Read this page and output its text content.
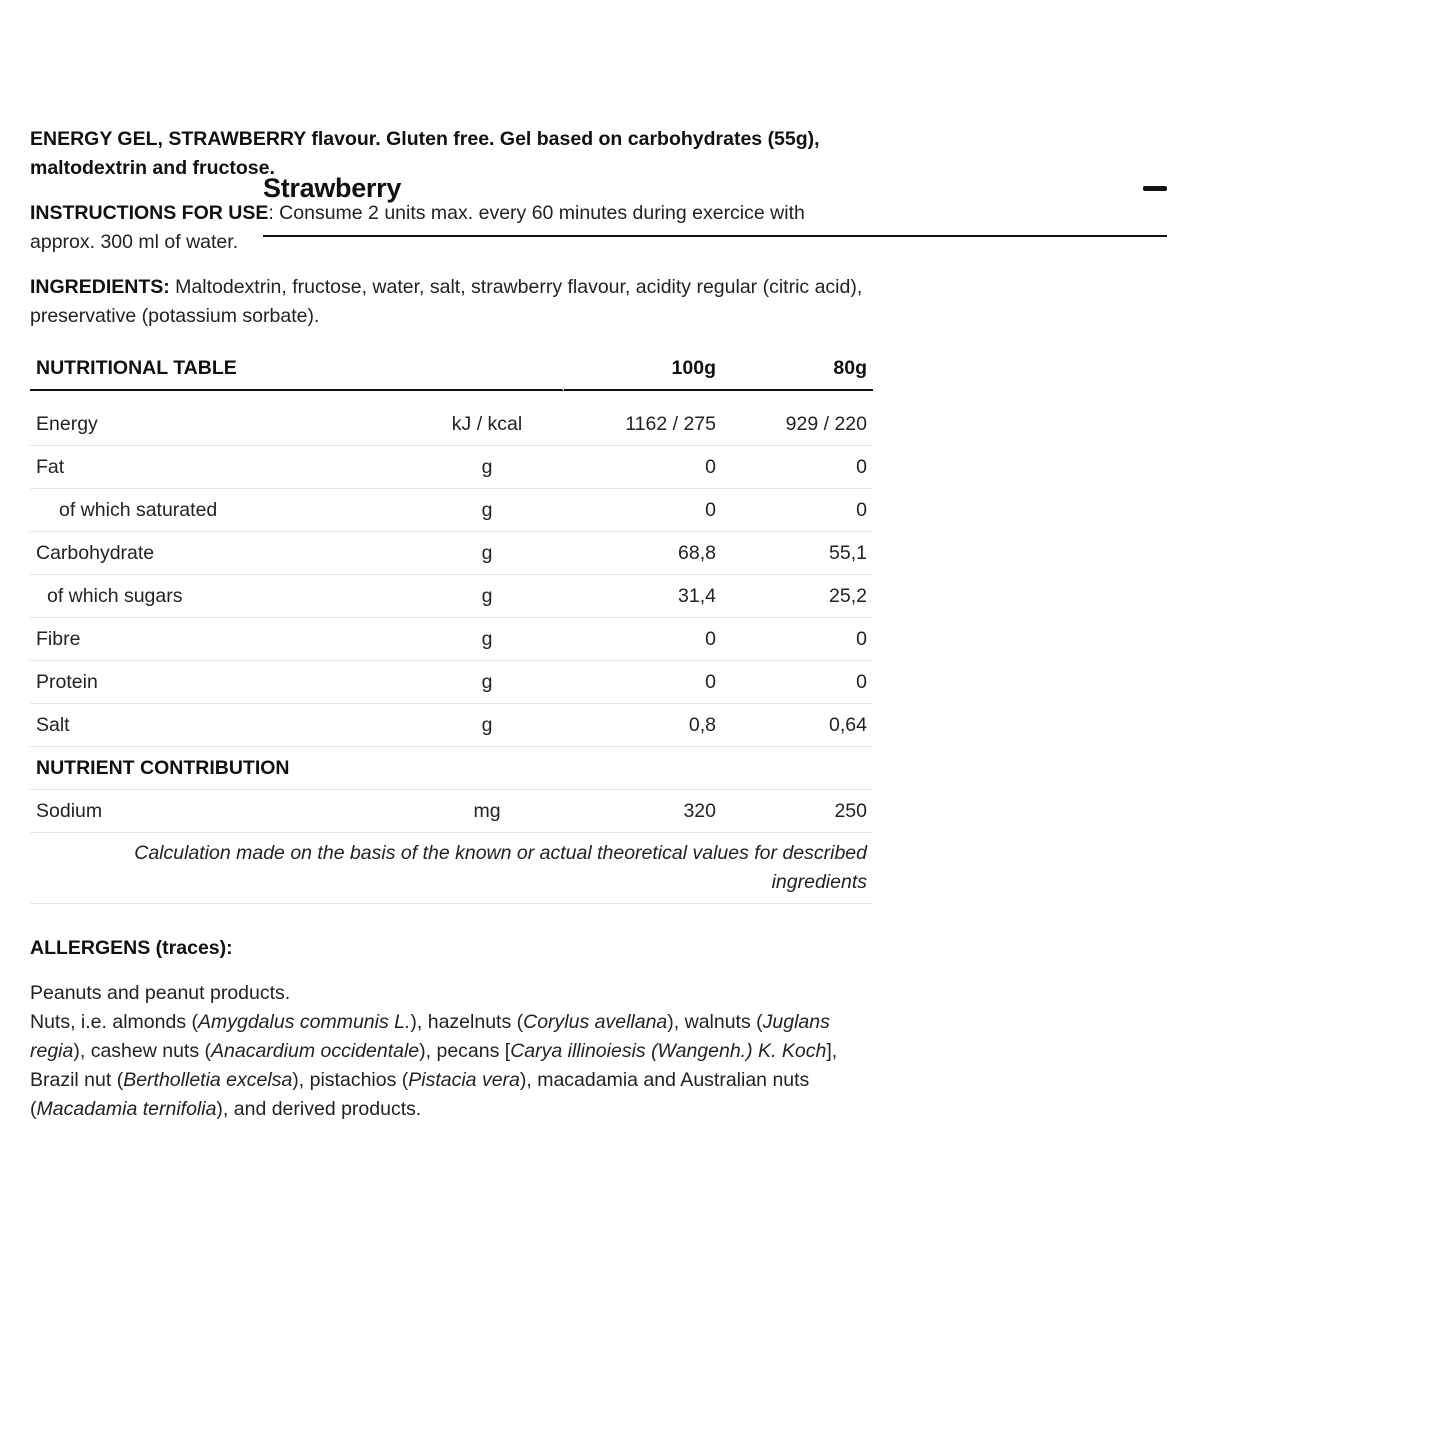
Strawberry

ENERGY GEL, STRAWBERRY flavour. Gluten free. Gel based on carbohydrates (55g), maltodextrin and fructose.

INSTRUCTIONS FOR USE: Consume 2 units max. every 60 minutes during exercice with approx. 300 ml of water.

INGREDIENTS: Maltodextrin, fructose, water, salt, strawberry flavour, acidity regular (citric acid), preservative (potassium sorbate).

NUTRITIONAL TABLE		100g	80g
Energy	kJ / kcal	1162 / 275	929 / 220
Fat	g	0	0
of which saturated	g	0	0
Carbohydrate	g	68,8	55,1
of which sugars	g	31,4	25,2
Fibre	g	0	0
Protein	g	0	0
Salt	g	0,8	0,64
NUTRIENT CONTRIBUTION			
Sodium	mg	320	250
Calculation made on the basis of the known or actual theoretical values for described ingredients			
ALLERGENS (traces):
Peanuts and peanut products.
Nuts, i.e. almonds (Amygdalus communis L.), hazelnuts (Corylus avellana), walnuts (Juglans regia), cashew nuts (Anacardium occidentale), pecans [Carya illinoiesis (Wangenh.) K. Koch], Brazil nut (Bertholletia excelsa), pistachios (Pistacia vera), macadamia and Australian nuts (Macadamia ternifolia), and derived products.
